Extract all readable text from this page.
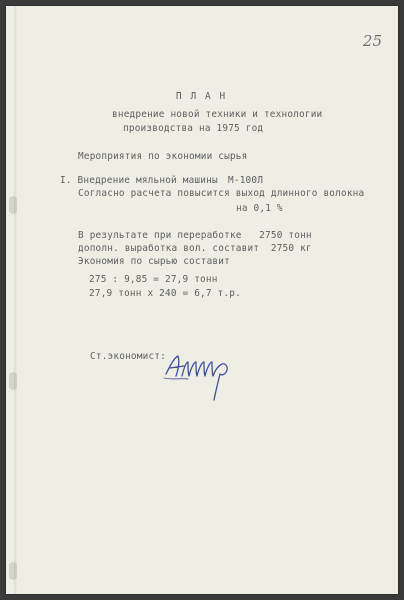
25
П Л А Н
внедрение новой техники и технологии
производства на 1975 год
Мероприятия по экономии сырья
I. Внедрение мяльной машины М-100Л
Согласно расчета повысится выход длинного волокна
на 0,1 %
В результате при переработке   2750 тонн
дополн. выработка вол. составит  2750 кг
Экономия по сырью составит
275 : 9,85 = 27,9 тонн
27,9 тонн х 240 = 6,7 т.р.
Ст.экономист:
